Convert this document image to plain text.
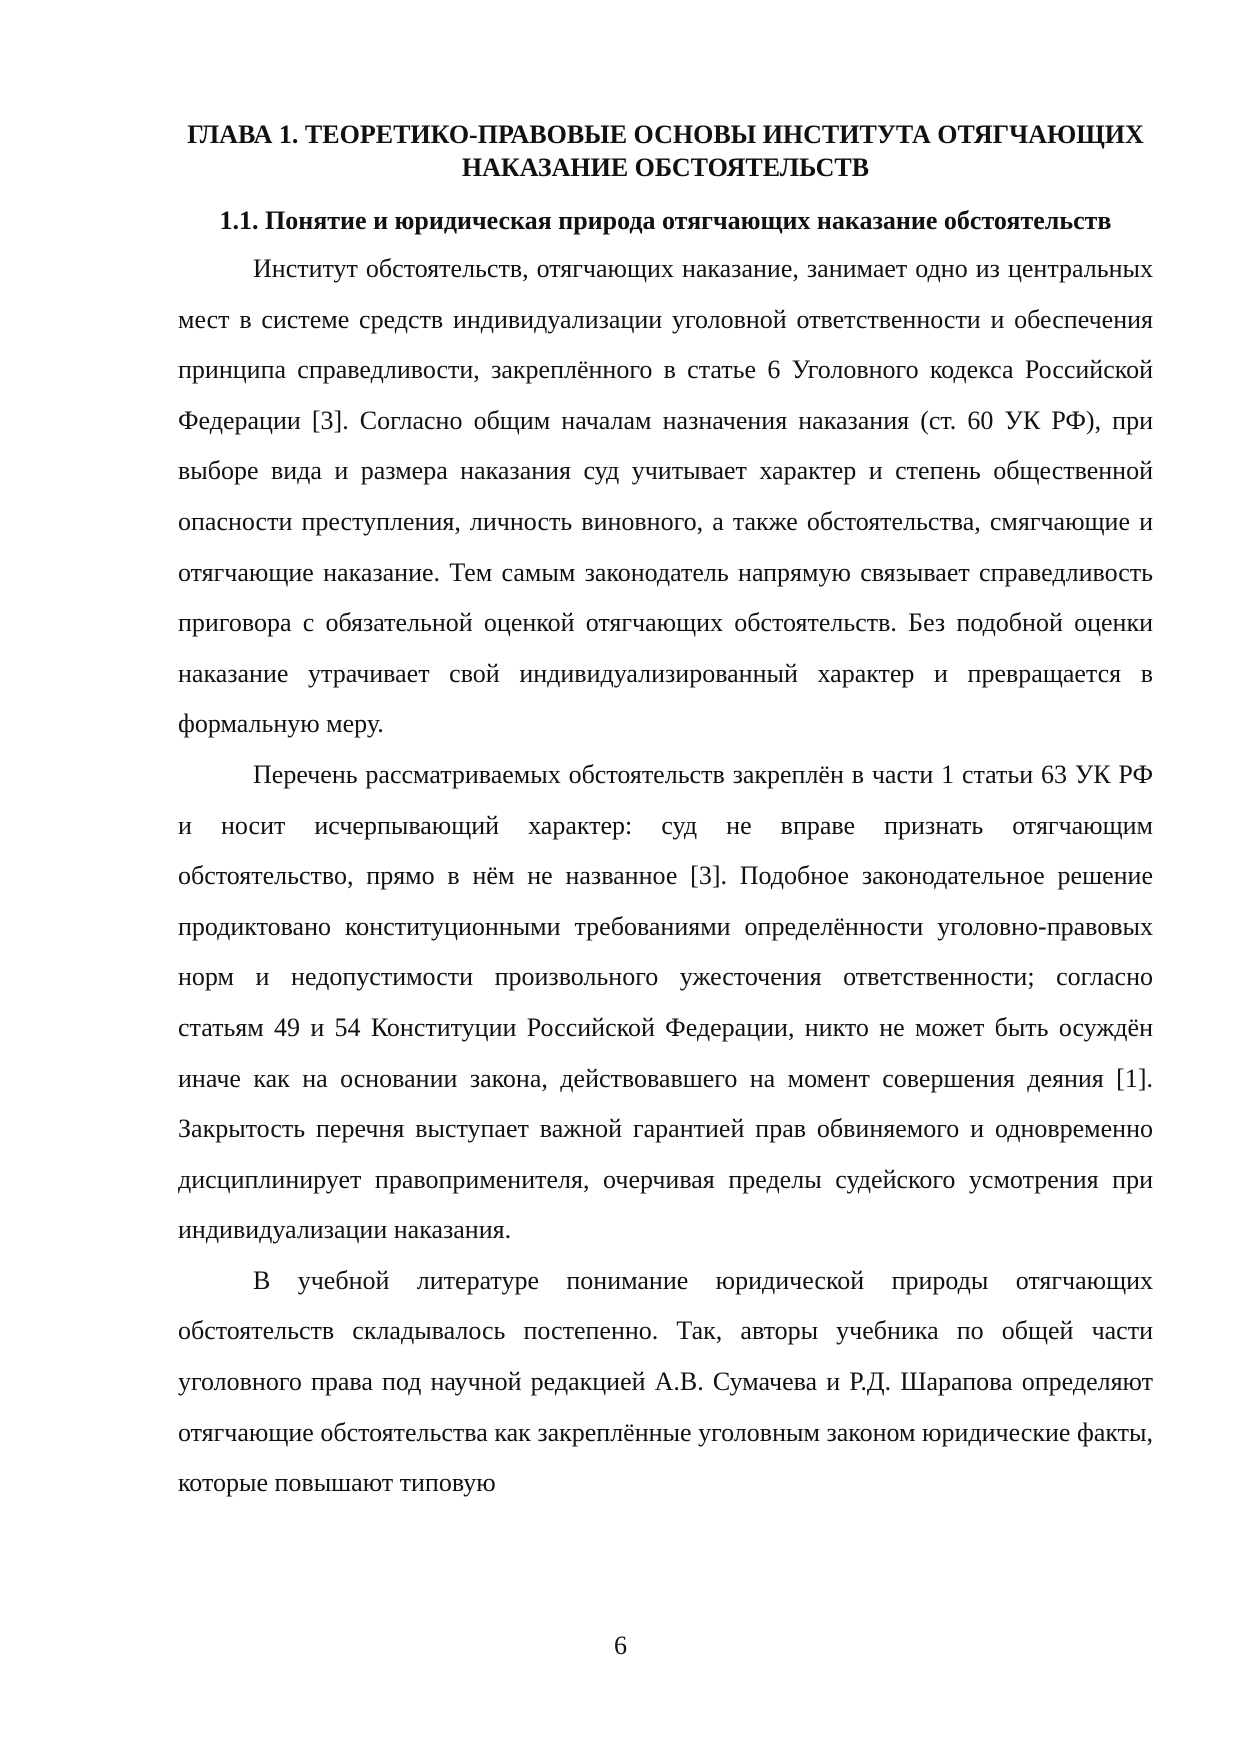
ГЛАВА 1. ТЕОРЕТИКО-ПРАВОВЫЕ ОСНОВЫ ИНСТИТУТА ОТЯГЧАЮЩИХ НАКАЗАНИЕ ОБСТОЯТЕЛЬСТВ
1.1. Понятие и юридическая природа отягчающих наказание обстоятельств

Институт обстоятельств, отягчающих наказание, занимает одно из центральных мест в системе средств индивидуализации уголовной ответственности и обеспечения принципа справедливости, закреплённого в статье 6 Уголовного кодекса Российской Федерации [3]. Согласно общим началам назначения наказания (ст. 60 УК РФ), при выборе вида и размера наказания суд учитывает характер и степень общественной опасности преступления, личность виновного, а также обстоятельства, смягчающие и отягчающие наказание. Тем самым законодатель напрямую связывает справедливость приговора с обязательной оценкой отягчающих обстоятельств. Без подобной оценки наказание утрачивает свой индивидуализированный характер и превращается в формальную меру.

Перечень рассматриваемых обстоятельств закреплён в части 1 статьи 63 УК РФ и носит исчерпывающий характер: суд не вправе признать отягчающим обстоятельство, прямо в нём не названное [3]. Подобное законодательное решение продиктовано конституционными требованиями определённости уголовно-правовых норм и недопустимости произвольного ужесточения ответственности; согласно статьям 49 и 54 Конституции Российской Федерации, никто не может быть осуждён иначе как на основании закона, действовавшего на момент совершения деяния [1]. Закрытость перечня выступает важной гарантией прав обвиняемого и одновременно дисциплинирует правоприменителя, очерчивая пределы судейского усмотрения при индивидуализации наказания.

В учебной литературе понимание юридической природы отягчающих обстоятельств складывалось постепенно. Так, авторы учебника по общей части уголовного права под научной редакцией А.В. Сумачева и Р.Д. Шарапова определяют отягчающие обстоятельства как закреплённые уголовным законом юридические факты, которые повышают типовую

6
